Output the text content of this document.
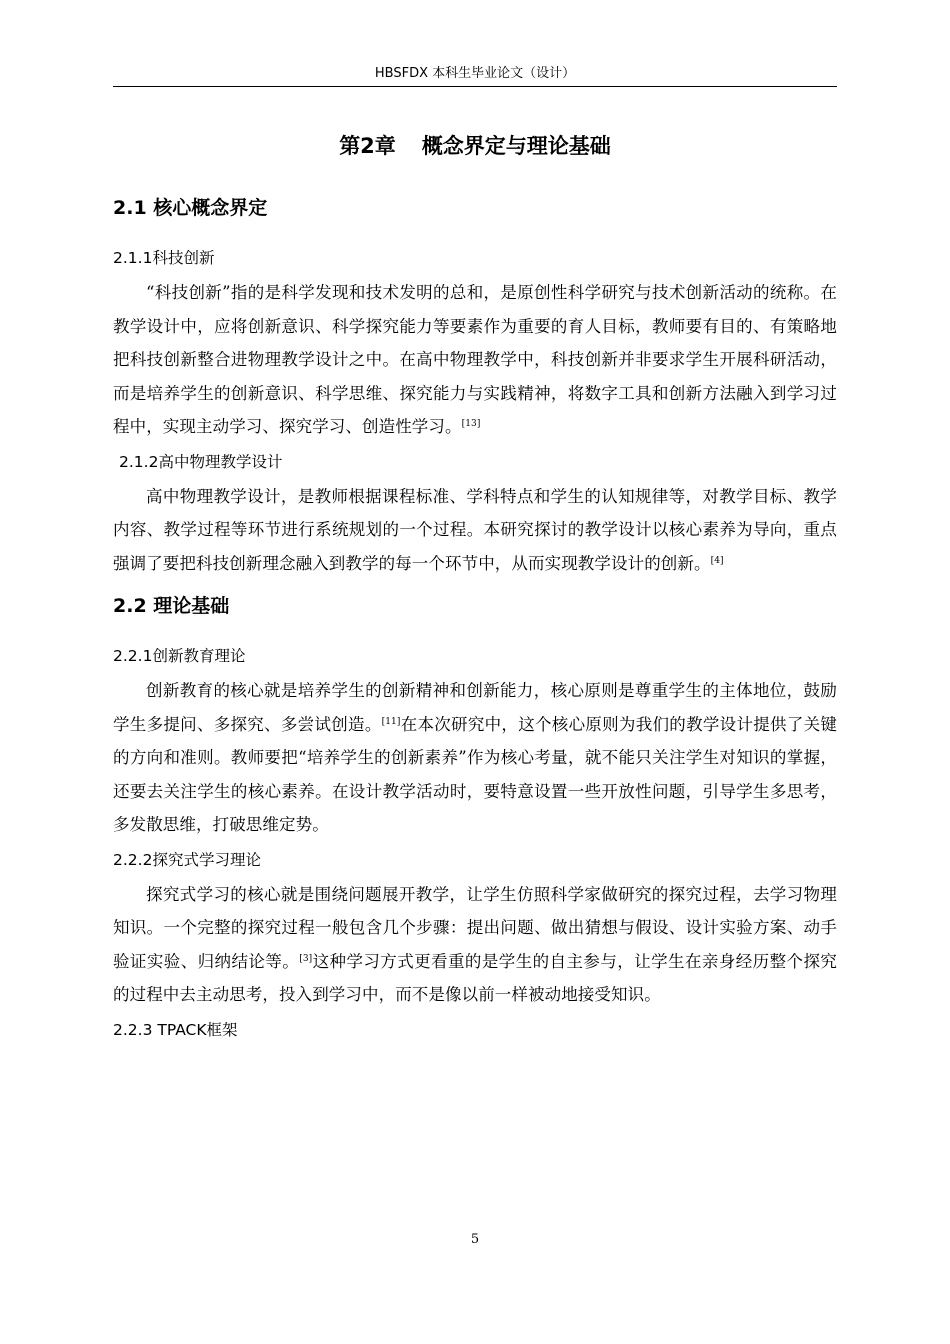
HBSFDX 本科生毕业论文（设计）
第2章 概念界定与理论基础
2.1 核心概念界定
2.1.1科技创新

“科技创新”指的是科学发现和技术发明的总和，是原创性科学研究与技术创新活动的统称。在教学设计中，应将创新意识、科学探究能力等要素作为重要的育人目标，教师要有目的、有策略地把科技创新整合进物理教学设计之中。在高中物理教学中，科技创新并非要求学生开展科研活动，而是培养学生的创新意识、科学思维、探究能力与实践精神，将数字工具和创新方法融入到学习过程中，实现主动学习、探究学习、创造性学习。[13]

2.1.2高中物理教学设计

高中物理教学设计，是教师根据课程标准、学科特点和学生的认知规律等，对教学目标、教学内容、教学过程等环节进行系统规划的一个过程。本研究探讨的教学设计以核心素养为导向，重点强调了要把科技创新理念融入到教学的每一个环节中，从而实现教学设计的创新。[4]

2.2 理论基础
2.2.1创新教育理论

创新教育的核心就是培养学生的创新精神和创新能力，核心原则是尊重学生的主体地位，鼓励学生多提问、多探究、多尝试创造。[11]在本次研究中，这个核心原则为我们的教学设计提供了关键的方向和准则。教师要把“培养学生的创新素养”作为核心考量，就不能只关注学生对知识的掌握，还要去关注学生的核心素养。在设计教学活动时，要特意设置一些开放性问题，引导学生多思考，多发散思维，打破思维定势。

2.2.2探究式学习理论

探究式学习的核心就是围绕问题展开教学，让学生仿照科学家做研究的探究过程，去学习物理知识。一个完整的探究过程一般包含几个步骤：提出问题、做出猜想与假设、设计实验方案、动手验证实验、归纳结论等。[3]这种学习方式更看重的是学生的自主参与，让学生在亲身经历整个探究的过程中去主动思考，投入到学习中，而不是像以前一样被动地接受知识。

2.2.3 TPACK框架
5
